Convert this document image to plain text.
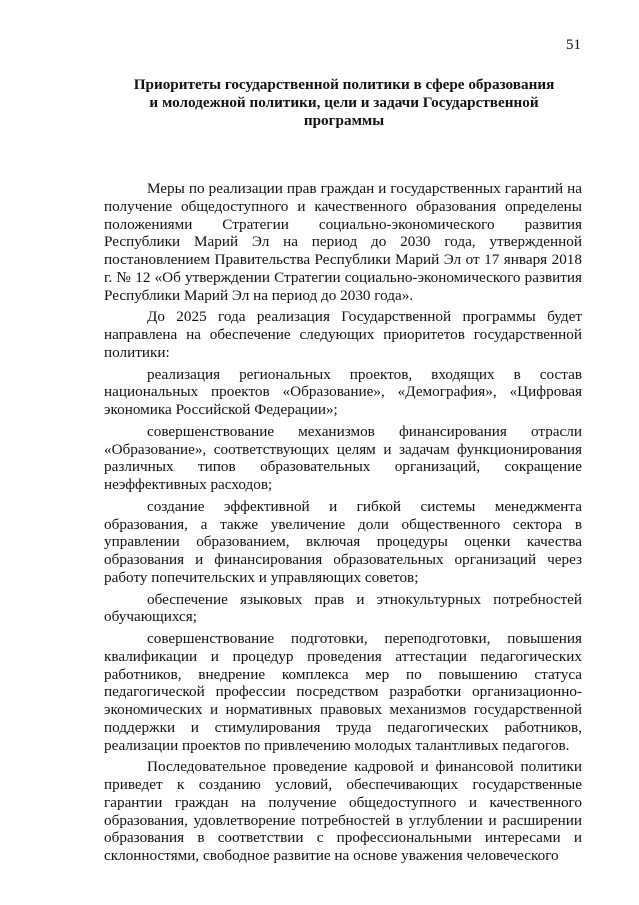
51
Приоритеты государственной политики в сфере образования
и молодежной политики, цели и задачи Государственной
программы

Меры по реализации прав граждан и государственных гарантий на получение общедоступного и качественного образования определены положениями Стратегии социально-экономического развития Республики Марий Эл на период до 2030 года, утвержденной постановлением Правительства Республики Марий Эл от 17 января 2018 г. № 12 «Об утверждении Стратегии социально-экономического развития Республики Марий Эл на период до 2030 года».

До 2025 года реализация Государственной программы будет направлена на обеспечение следующих приоритетов государственной политики:

реализация региональных проектов, входящих в состав национальных проектов «Образование», «Демография», «Цифровая экономика Российской Федерации»;

совершенствование механизмов финансирования отрасли «Образование», соответствующих целям и задачам функционирования различных типов образовательных организаций, сокращение неэффективных расходов;

создание эффективной и гибкой системы менеджмента образования, а также увеличение доли общественного сектора в управлении образованием, включая процедуры оценки качества образования и финансирования образовательных организаций через работу попечительских и управляющих советов;

обеспечение языковых прав и этнокультурных потребностей обучающихся;

совершенствование подготовки, переподготовки, повышения квалификации и процедур проведения аттестации педагогических работников, внедрение комплекса мер по повышению статуса педагогической профессии посредством разработки организационно-экономических и нормативных правовых механизмов государственной поддержки и стимулирования труда педагогических работников, реализации проектов по привлечению молодых талантливых педагогов.

Последовательное проведение кадровой и финансовой политики приведет к созданию условий, обеспечивающих государственные гарантии граждан на получение общедоступного и качественного образования, удовлетворение потребностей в углублении и расширении образования в соответствии с профессиональными интересами и склонностями, свободное развитие на основе уважения человеческого
